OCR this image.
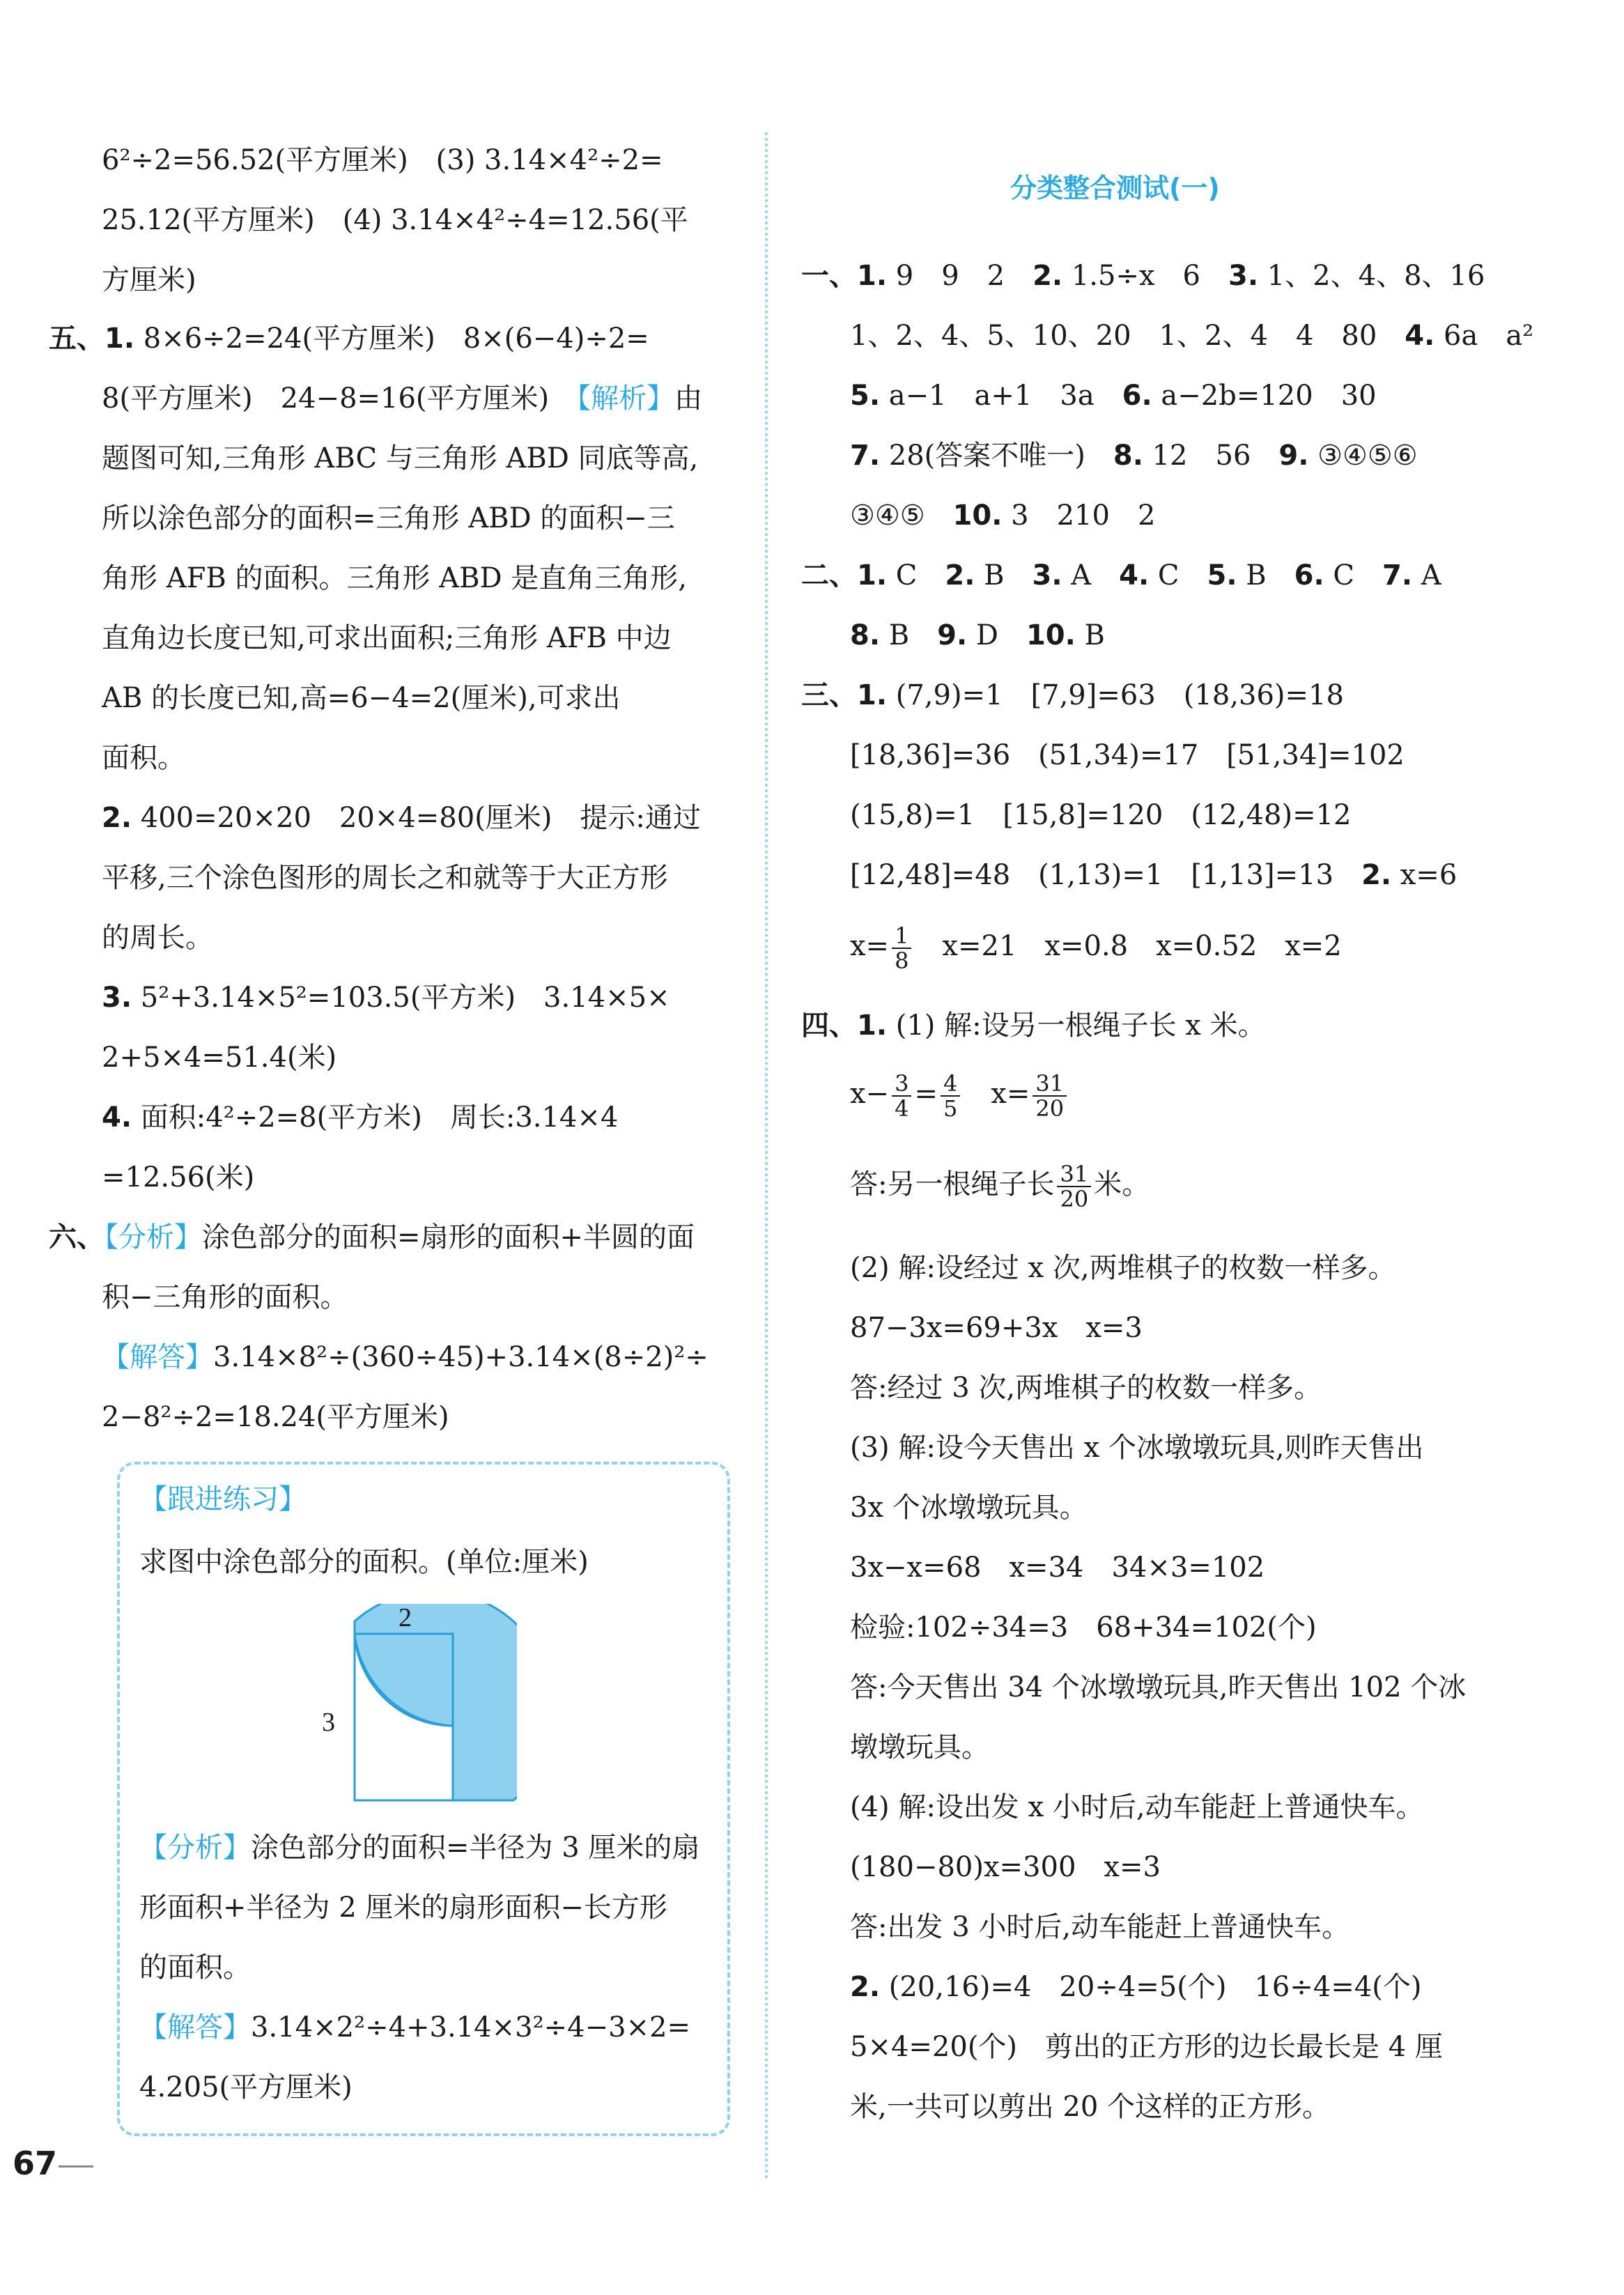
6²÷2=56.52(平方厘米)　(3) 3.14×4²÷2=
25.12(平方厘米)　(4) 3.14×4²÷4=12.56(平
方厘米)
五、1. 8×6÷2=24(平方厘米)　8×(6−4)÷2=
8(平方厘米)　24−8=16(平方厘米)　【解析】由
题图可知,三角形 ABC 与三角形 ABD 同底等高,
所以涂色部分的面积=三角形 ABD 的面积−三
角形 AFB 的面积。三角形 ABD 是直角三角形,
直角边长度已知,可求出面积;三角形 AFB 中边
AB 的长度已知,高=6−4=2(厘米),可求出
面积。
2. 400=20×20　20×4=80(厘米)　提示:通过
平移,三个涂色图形的周长之和就等于大正方形
的周长。
3. 5²+3.14×5²=103.5(平方米)　3.14×5×
2+5×4=51.4(米)
4. 面积:4²÷2=8(平方米)　周长:3.14×4
=12.56(米)
六、【分析】涂色部分的面积=扇形的面积+半圆的面
积−三角形的面积。
【解答】3.14×8²÷(360÷45)+3.14×(8÷2)²÷
2−8²÷2=18.24(平方厘米)
【跟进练习】
求图中涂色部分的面积。(单位:厘米)
2
3
【分析】涂色部分的面积=半径为 3 厘米的扇
形面积+半径为 2 厘米的扇形面积−长方形
的面积。
【解答】3.14×2²÷4+3.14×3²÷4−3×2=
4.205(平方厘米)
分类整合测试(一)
一、1. 9　9　2　2. 1.5÷x　6　3. 1、2、4、8、16
1、2、4、5、10、20　1、2、4　4　80　4. 6a　a²
5. a−1　a+1　3a　6. a−2b=120　30
7. 28(答案不唯一)　8. 12　56　9. ③④⑤⑥
③④⑤　10. 3　210　2
二、1. C　2. B　3. A　4. C　5. B　6. C　7. A
8. B　9. D　10. B
三、1. (7,9)=1　[7,9]=63　(18,36)=18
[18,36]=36　(51,34)=17　[51,34]=102
(15,8)=1　[15,8]=120　(12,48)=12
[12,48]=48　(1,13)=1　[1,13]=13　2. x=6
$x= \frac{1}{8}$ 　x=21　x=0.8　x=0.52　x=2
四、1. (1) 解:设另一根绳子长 x 米。
$x- \frac{3}{4} = \frac{4}{5}$ 　$x= \frac{31}{20}$
答:另一根绳子长 $\frac{31}{20}$ 米。
(2) 解:设经过 x 次,两堆棋子的枚数一样多。
87−3x=69+3x　x=3
答:经过 3 次,两堆棋子的枚数一样多。
(3) 解:设今天售出 x 个冰墩墩玩具,则昨天售出
3x 个冰墩墩玩具。
3x−x=68　x=34　34×3=102
检验:102÷34=3　68+34=102(个)
答:今天售出 34 个冰墩墩玩具,昨天售出 102 个冰
墩墩玩具。
(4) 解:设出发 x 小时后,动车能赶上普通快车。
(180−80)x=300　x=3
答:出发 3 小时后,动车能赶上普通快车。
2. (20,16)=4　20÷4=5(个)　16÷4=4(个)
5×4=20(个)　剪出的正方形的边长最长是 4 厘
米,一共可以剪出 20 个这样的正方形。
67
